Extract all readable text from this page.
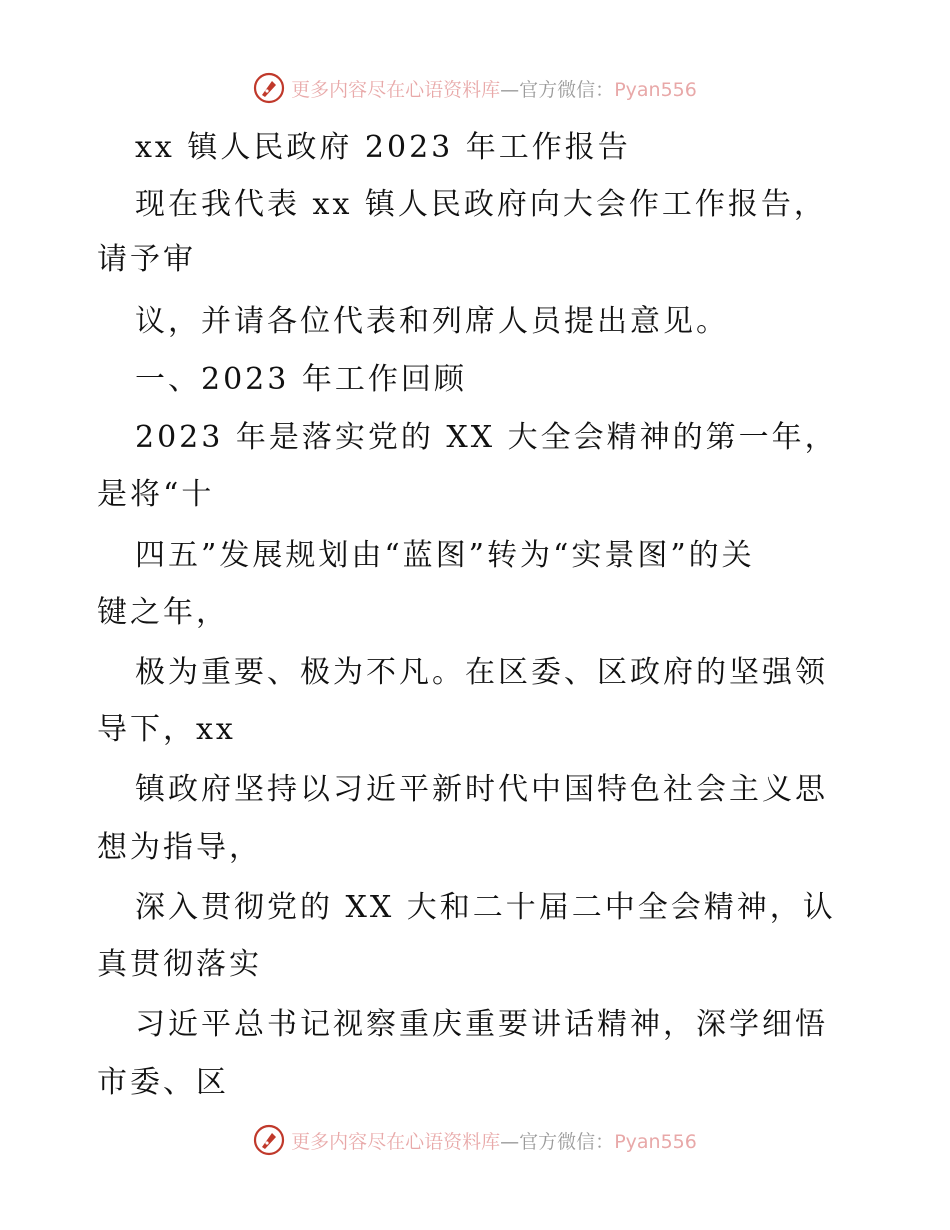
更多内容尽在心语资料库—官方微信：Pyan556
xx 镇人民政府 2023 年工作报告
现在我代表 xx 镇人民政府向大会作工作报告，
请予审
议，并请各位代表和列席人员提出意见。
一、2023 年工作回顾
2023 年是落实党的 XX 大全会精神的第一年，
是将“十
四五”发展规划由“蓝图”转为“实景图”的关
键之年，
极为重要、极为不凡。在区委、区政府的坚强领
导下，xx
镇政府坚持以习近平新时代中国特色社会主义思
想为指导，
深入贯彻党的 XX 大和二十届二中全会精神，认
真贯彻落实
习近平总书记视察重庆重要讲话精神，深学细悟
市委、区
更多内容尽在心语资料库—官方微信：Pyan556
